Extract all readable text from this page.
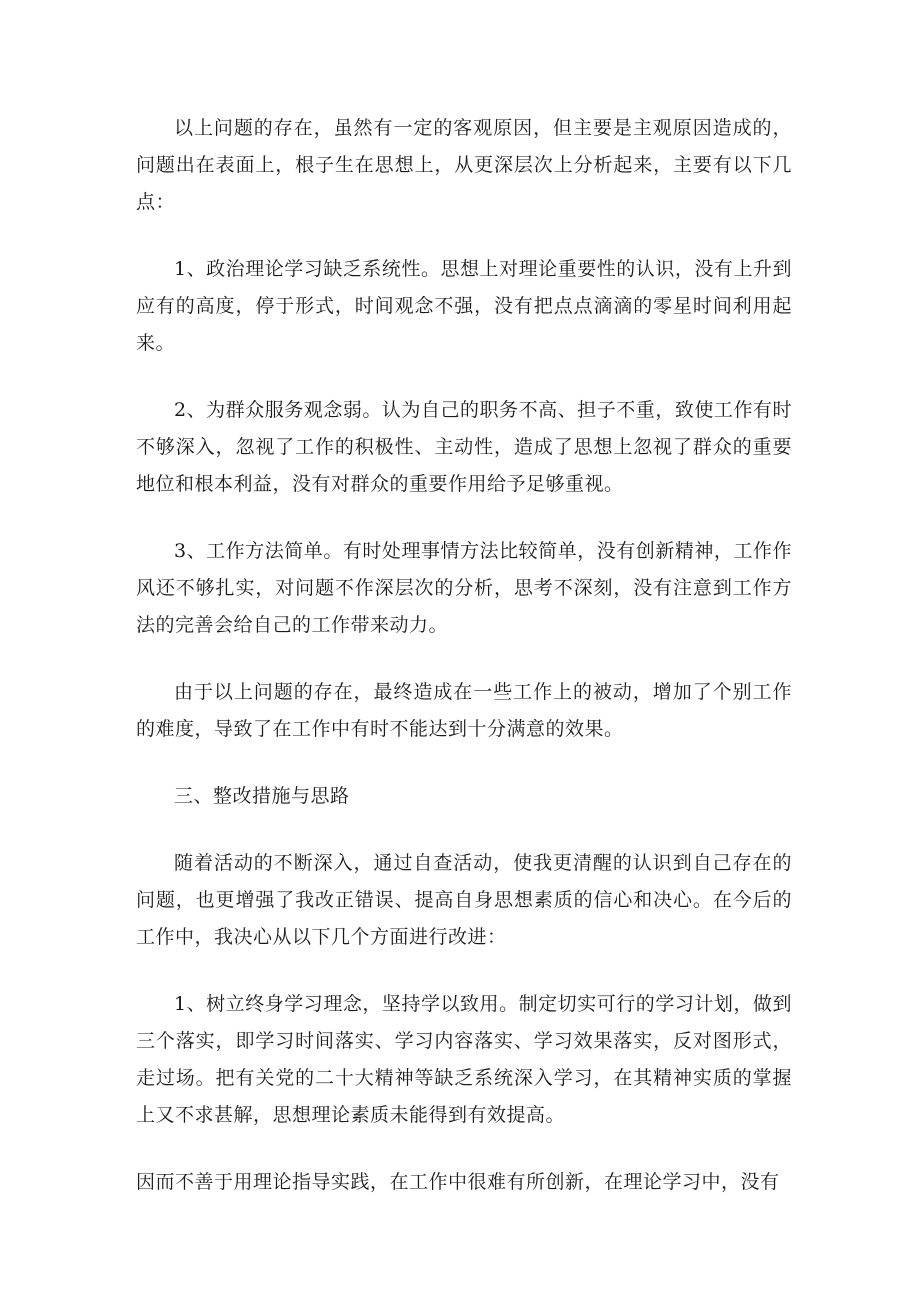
以上问题的存在，虽然有一定的客观原因，但主要是主观原因造成的，问题出在表面上，根子生在思想上，从更深层次上分析起来，主要有以下几点：

1、政治理论学习缺乏系统性。思想上对理论重要性的认识，没有上升到应有的高度，停于形式，时间观念不强，没有把点点滴滴的零星时间利用起来。

2、为群众服务观念弱。认为自己的职务不高、担子不重，致使工作有时不够深入，忽视了工作的积极性、主动性，造成了思想上忽视了群众的重要地位和根本利益，没有对群众的重要作用给予足够重视。

3、工作方法简单。有时处理事情方法比较简单，没有创新精神，工作作风还不够扎实，对问题不作深层次的分析，思考不深刻，没有注意到工作方法的完善会给自己的工作带来动力。

由于以上问题的存在，最终造成在一些工作上的被动，增加了个别工作的难度，导致了在工作中有时不能达到十分满意的效果。

三、整改措施与思路

随着活动的不断深入，通过自查活动，使我更清醒的认识到自己存在的问题，也更增强了我改正错误、提高自身思想素质的信心和决心。在今后的工作中，我决心从以下几个方面进行改进：

1、树立终身学习理念，坚持学以致用。制定切实可行的学习计划，做到三个落实，即学习时间落实、学习内容落实、学习效果落实，反对图形式，走过场。把有关党的二十大精神等缺乏系统深入学习，在其精神实质的掌握上又不求甚解，思想理论素质未能得到有效提高。

因而不善于用理论指导实践，在工作中很难有所创新，在理论学习中，没有
